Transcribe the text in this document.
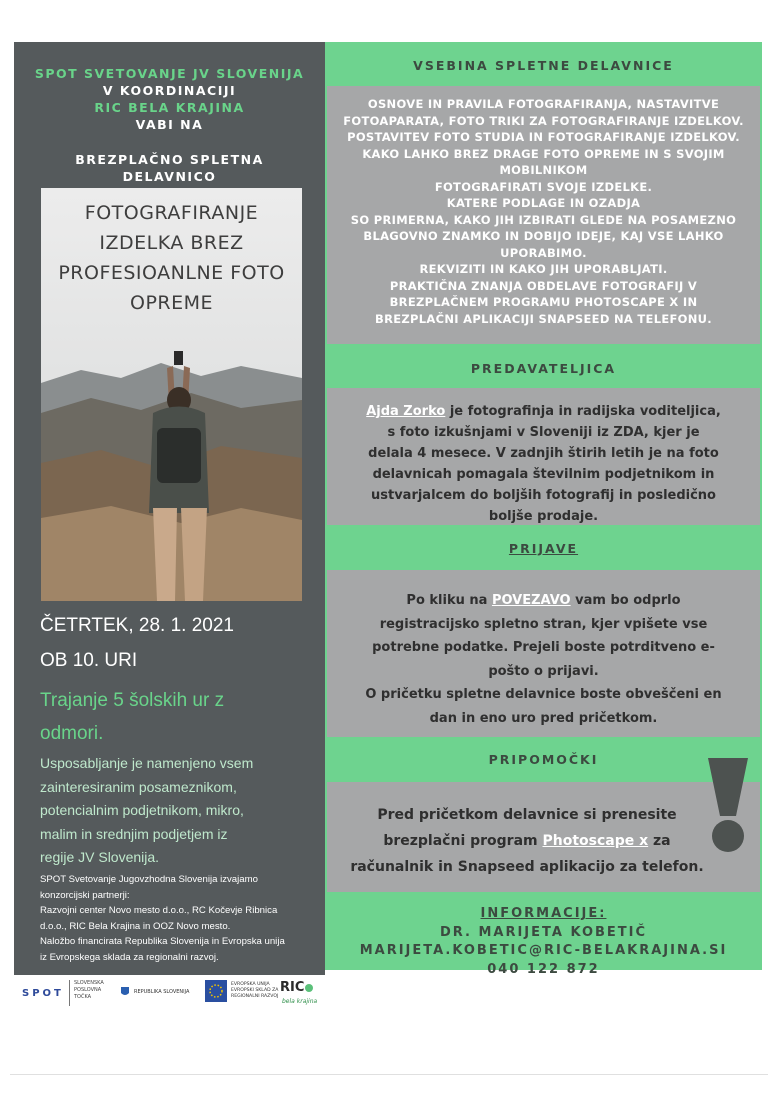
SPOT SVETOVANJE JV SLOVENIJA
V KOORDINACIJI
RIC BELA KRAJINA
VABI NA
BREZPLAČNO SPLETNA
DELAVNICO
FOTOGRAFIRANJE
IZDELKA BREZ
PROFESIOANLNE FOTO
OPREME
ČETRTEK, 28. 1. 2021
OB 10. URI
Trajanje 5 šolskih ur z
odmori.
Usposabljanje je namenjeno vsem
zainteresiranim posameznikom,
potencialnim podjetnikom, mikro,
malim in srednjim podjetjem iz
regije JV Slovenija.
SPOT Svetovanje Jugovzhodna Slovenija izvajamo
konzorcijski partnerji:
Razvojni center Novo mesto d.o.o., RC Kočevje Ribnica
d.o.o., RIC Bela Krajina in OOZ Novo mesto.
Naložbo financirata Republika Slovenija in Evropska unija
iz Evropskega sklada za regionalni razvoj.
VSEBINA SPLETNE DELAVNICE
OSNOVE IN PRAVILA FOTOGRAFIRANJA, NASTAVITVE
FOTOAPARATA, FOTO TRIKI ZA FOTOGRAFIRANJE IZDELKOV.
POSTAVITEV FOTO STUDIA IN FOTOGRAFIRANJE IZDELKOV.
KAKO LAHKO BREZ DRAGE FOTO OPREME IN S SVOJIM
MOBILNIKOM
FOTOGRAFIRATI SVOJE IZDELKE.
KATERE PODLAGE IN OZADJA
SO PRIMERNA, KAKO JIH IZBIRATI GLEDE NA POSAMEZNO
BLAGOVNO ZNAMKO IN DOBIJO IDEJE, KAJ VSE LAHKO
UPORABIMO.
REKVIZITI IN KAKO JIH UPORABLJATI.
PRAKTIČNA ZNANJA OBDELAVE FOTOGRAFIJ V
BREZPLAČNEM PROGRAMU PHOTOSCAPE X IN
BREZPLAČNI APLIKACIJI SNAPSEED NA TELEFONU.
PREDAVATELJICA
Ajda Zorko je fotografinja in radijska voditeljica,
s foto izkušnjami v Sloveniji iz ZDA, kjer je
delala 4 mesece. V zadnjih štirih letih je na foto
delavnicah pomagala številnim podjetnikom in
ustvarjalcem do boljših fotografij in posledično
boljše prodaje.
PRIJAVE
Po kliku na POVEZAVO vam bo odprlo
registracijsko spletno stran, kjer vpišete vse
potrebne podatke. Prejeli boste potrditveno e-
pošto o prijavi.
O pričetku spletne delavnice boste obveščeni en
dan in eno uro pred pričetkom.
PRIPOMOČKI
Pred pričetkom delavnice si prenesite
brezplačni program Photoscape x za
računalnik in Snapseed aplikacijo za telefon.
INFORMACIJE:
DR. MARIJETA KOBETIČ
MARIJETA.KOBETIC@RIC-BELAKRAJINA.SI
040 122 872
SPOT
SLOVENSKA
POSLOVNA
TOČKA
REPUBLIKA SLOVENIJA
EVROPSKA UNIJA
EVROPSKI SKLAD ZA
REGIONALNI RAZVOJ
RIC
bela krajina
